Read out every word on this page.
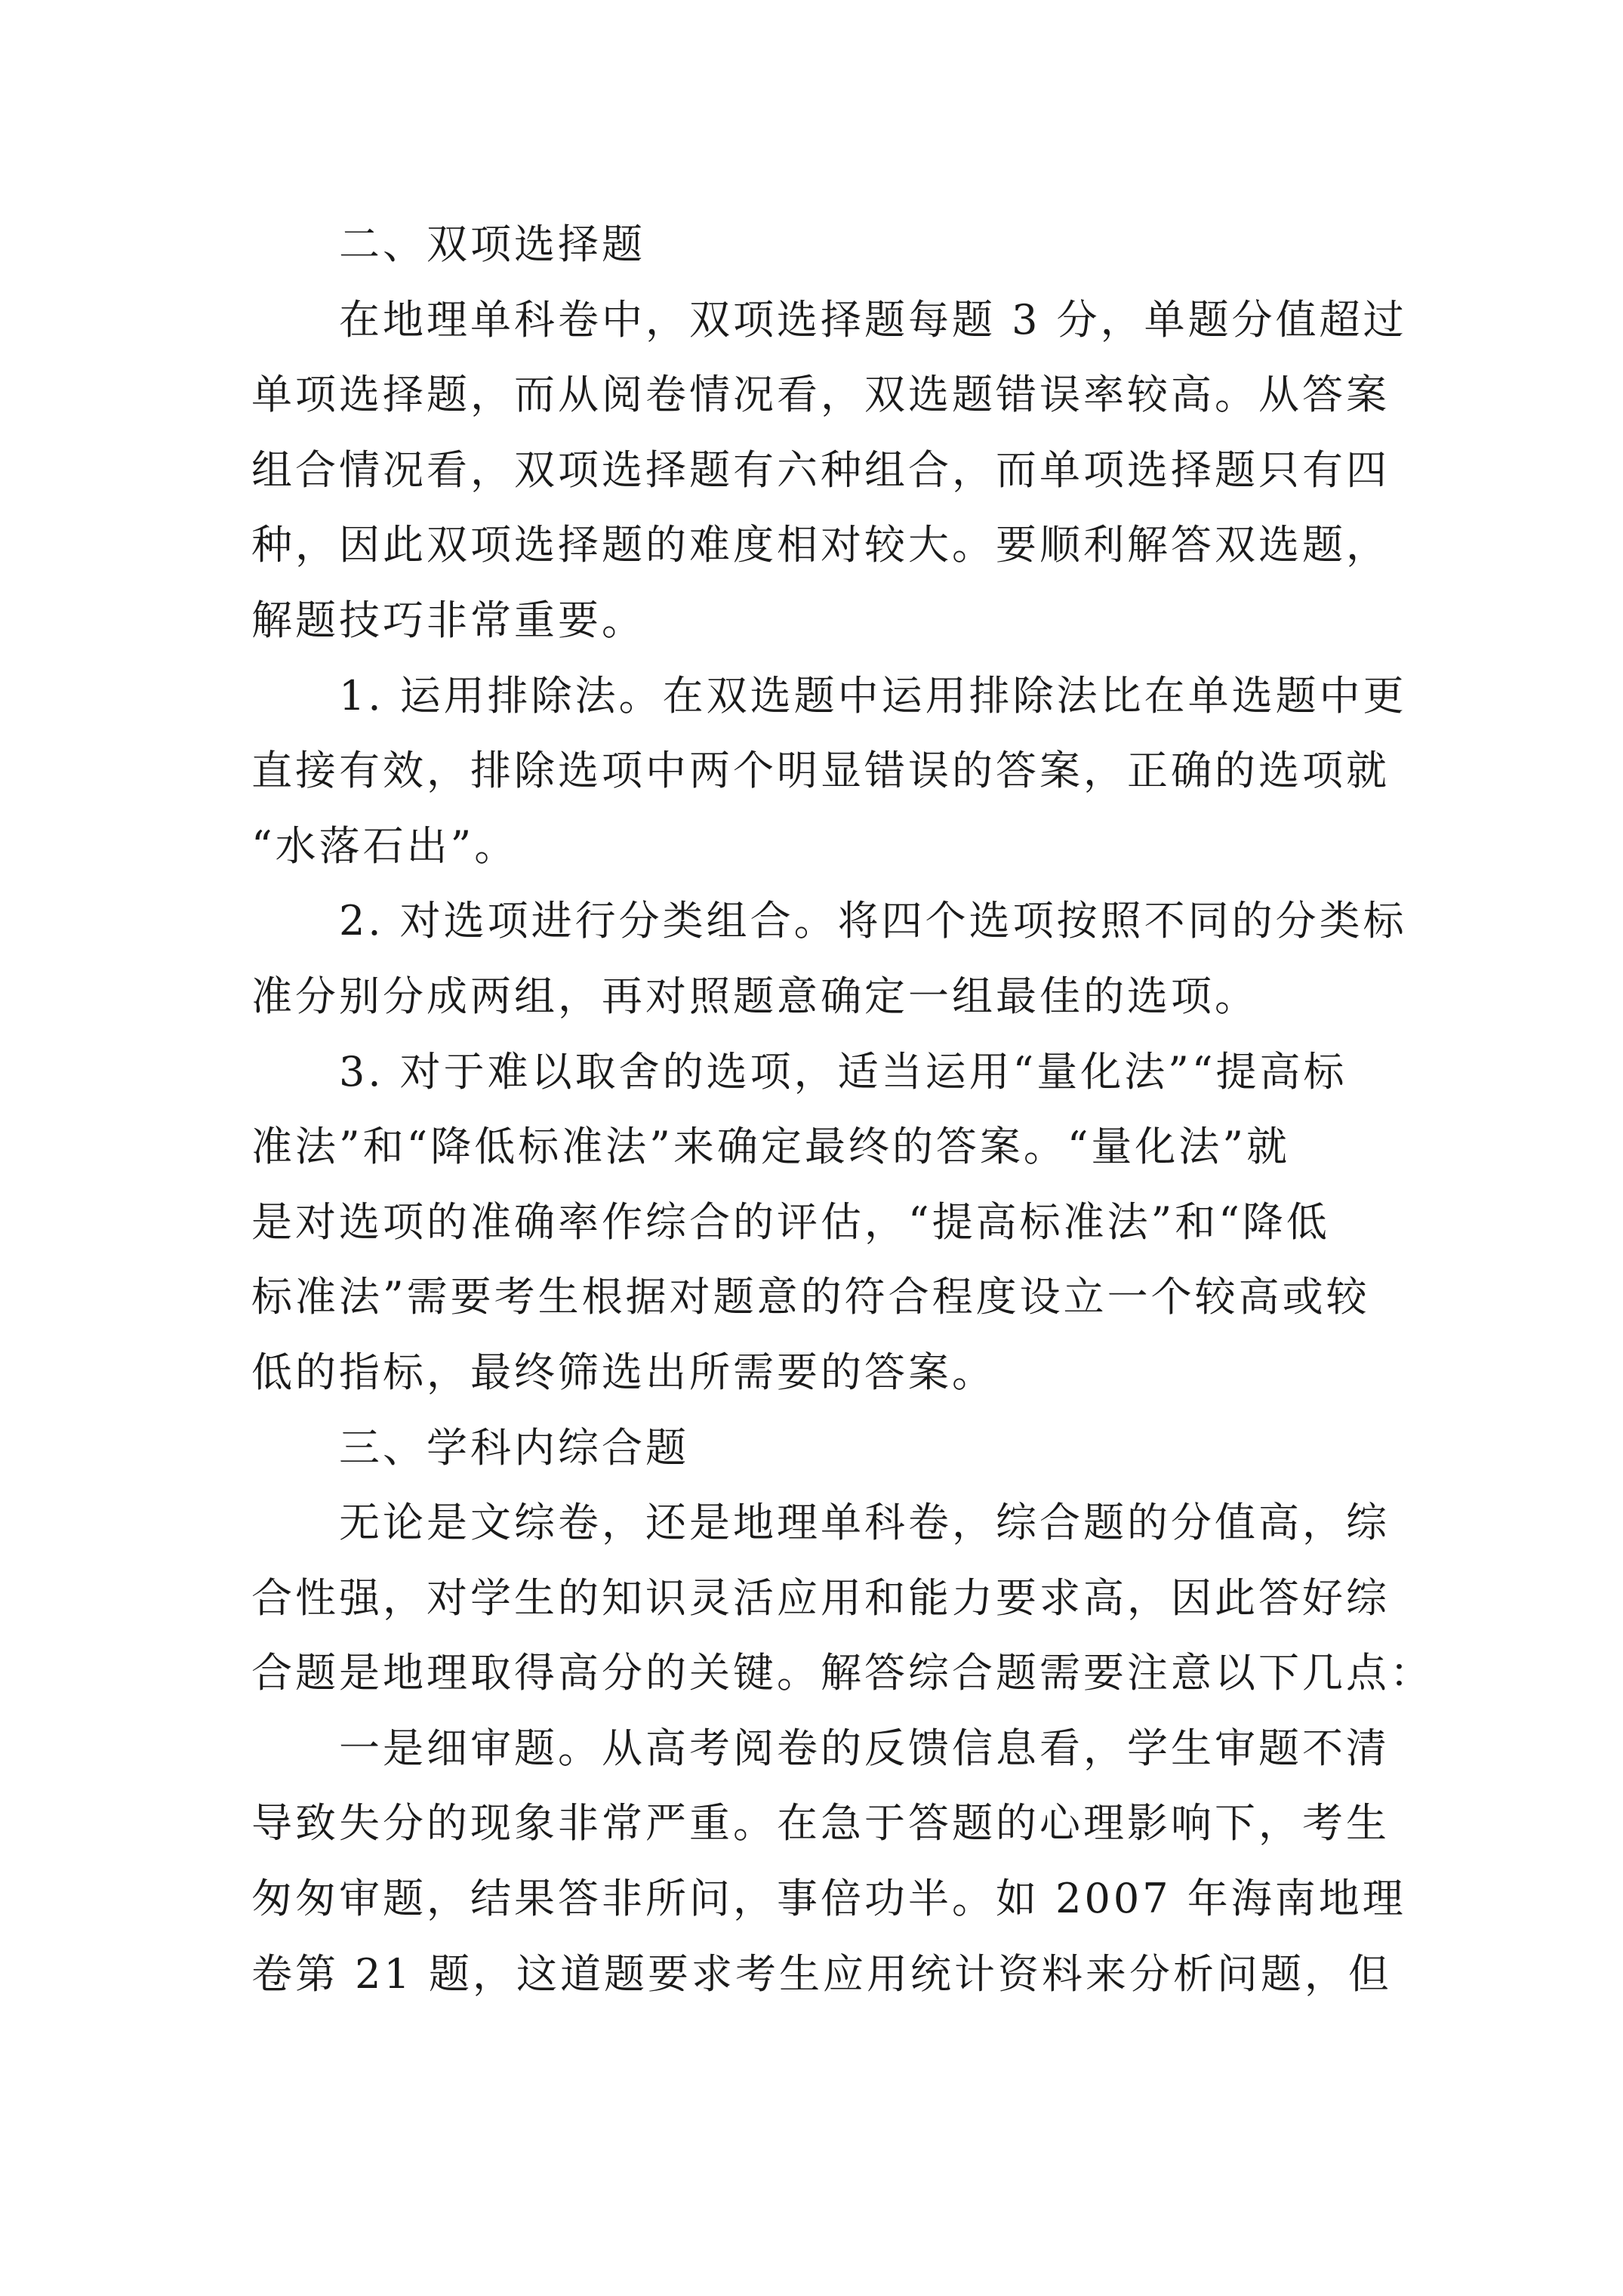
二、双项选择题
在地理单科卷中，双项选择题每题 3 分，单题分值超过
单项选择题，而从阅卷情况看，双选题错误率较高。从答案
组合情况看，双项选择题有六种组合，而单项选择题只有四
种，因此双项选择题的难度相对较大。要顺利解答双选题，
解题技巧非常重要。
1. 运用排除法。在双选题中运用排除法比在单选题中更
直接有效，排除选项中两个明显错误的答案，正确的选项就
“水落石出”。
2. 对选项进行分类组合。将四个选项按照不同的分类标
准分别分成两组，再对照题意确定一组最佳的选项。
3. 对于难以取舍的选项，适当运用“量化法”“提高标
准法”和“降低标准法”来确定最终的答案。“量化法”就
是对选项的准确率作综合的评估，“提高标准法”和“降低
标准法”需要考生根据对题意的符合程度设立一个较高或较
低的指标，最终筛选出所需要的答案。
三、学科内综合题
无论是文综卷，还是地理单科卷，综合题的分值高，综
合性强，对学生的知识灵活应用和能力要求高，因此答好综
合题是地理取得高分的关键。解答综合题需要注意以下几点：
一是细审题。从高考阅卷的反馈信息看，学生审题不清
导致失分的现象非常严重。在急于答题的心理影响下，考生
匆匆审题，结果答非所问，事倍功半。如 2007 年海南地理
卷第 21 题，这道题要求考生应用统计资料来分析问题，但
